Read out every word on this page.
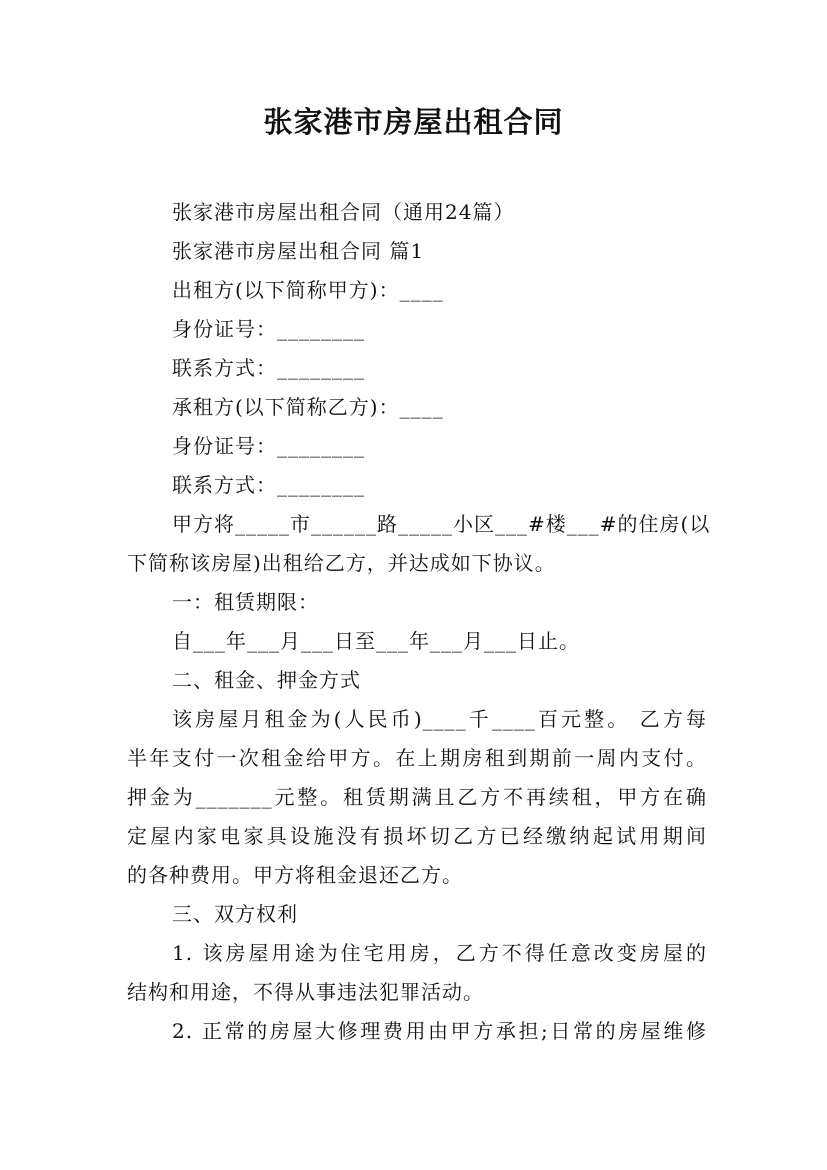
张家港市房屋出租合同
张家港市房屋出租合同（通用24篇）
张家港市房屋出租合同 篇1
出租方(以下简称甲方)：____
身份证号：________
联系方式：________
承租方(以下简称乙方)：____
身份证号：________
联系方式：________
甲方将_____市______路_____小区___#楼___#的住房(以
下简称该房屋)出租给乙方，并达成如下协议。
一：租赁期限：
自___年___月___日至___年___月___日止。
二、租金、押金方式
该房屋月租金为(人民币)____千____百元整。 乙方每
半年支付一次租金给甲方。在上期房租到期前一周内支付。
押金为_______元整。租赁期满且乙方不再续租，甲方在确
定屋内家电家具设施没有损坏切乙方已经缴纳起试用期间
的各种费用。甲方将租金退还乙方。
三、双方权利
1. 该房屋用途为住宅用房，乙方不得任意改变房屋的
结构和用途，不得从事违法犯罪活动。
2. 正常的房屋大修理费用由甲方承担;日常的房屋维修
